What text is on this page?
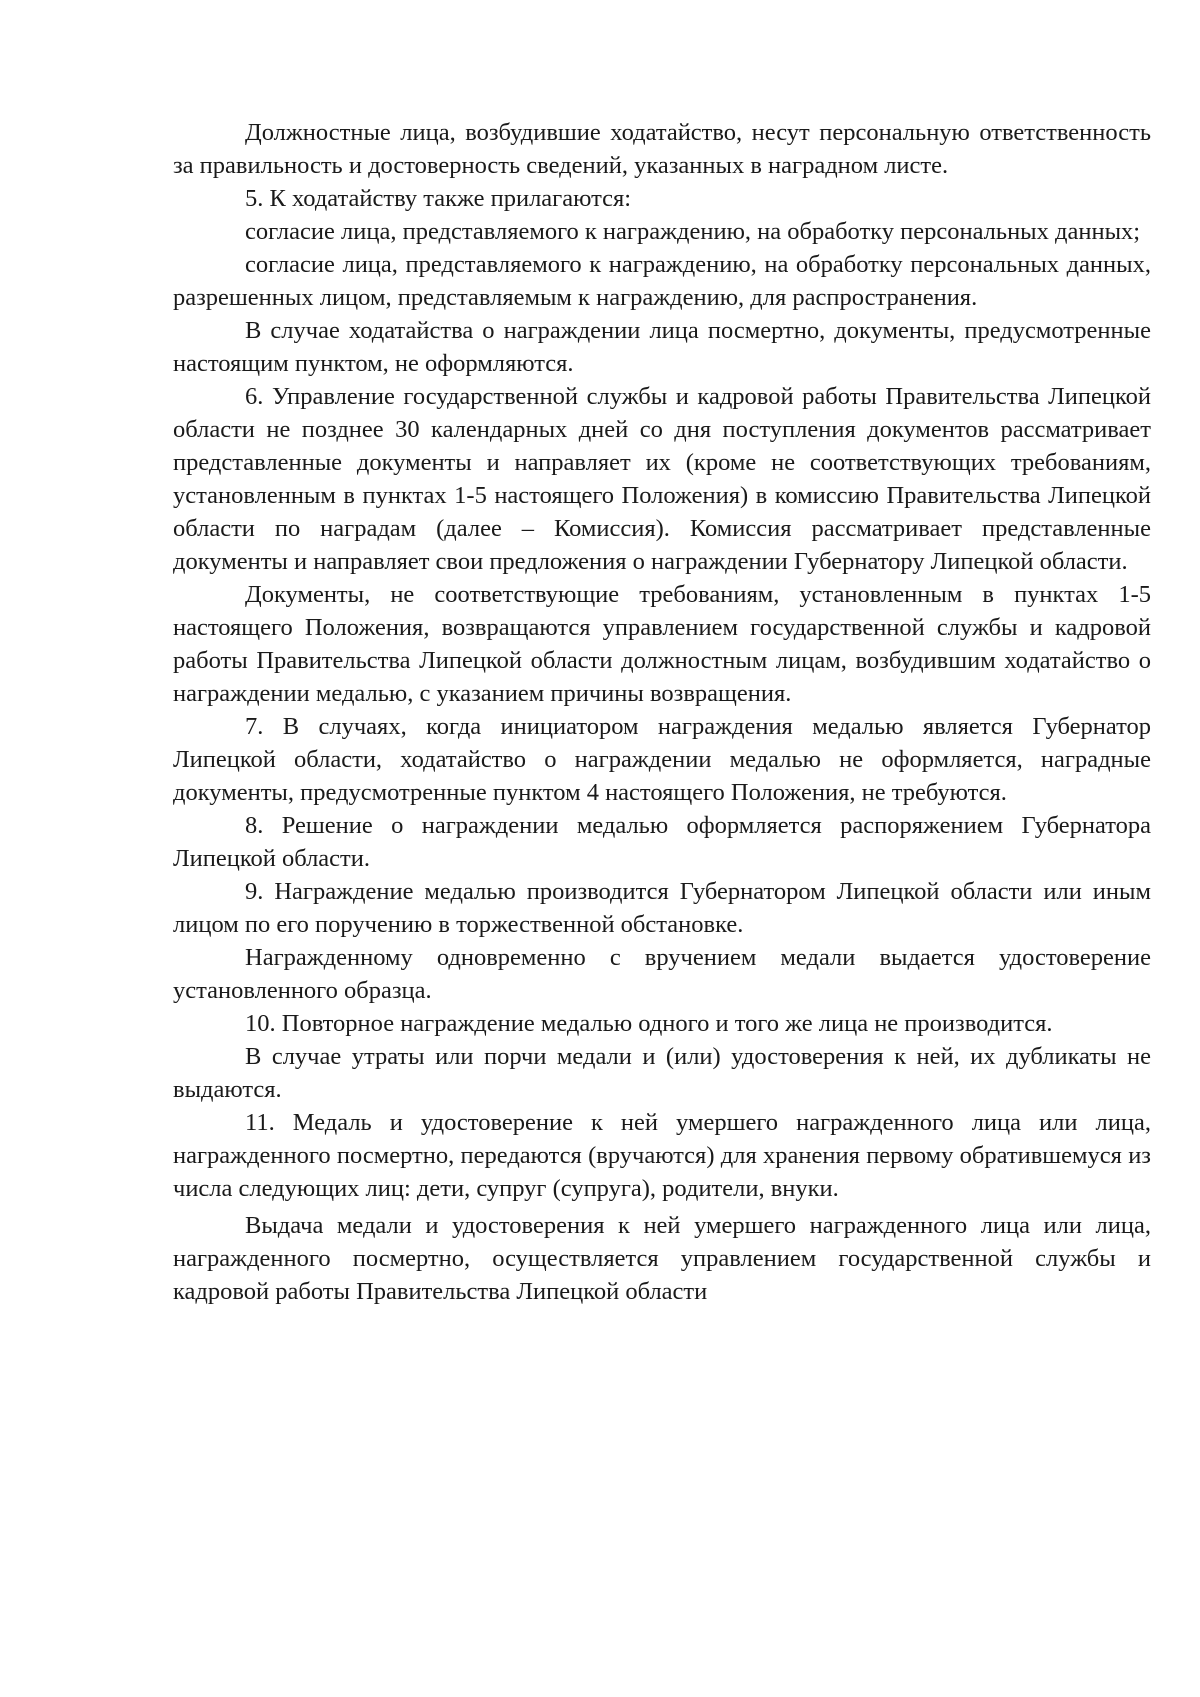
Должностные лица, возбудившие ходатайство, несут персональную ответственность за правильность и достоверность сведений, указанных в наградном листе.

5. К ходатайству также прилагаются:

согласие лица, представляемого к награждению, на обработку персональных данных;

согласие лица, представляемого к награждению, на обработку персональных данных, разрешенных лицом, представляемым к награждению, для распространения.

В случае ходатайства о награждении лица посмертно, документы, предусмотренные настоящим пунктом, не оформляются.

6. Управление государственной службы и кадровой работы Правительства Липецкой области не позднее 30 календарных дней со дня поступления документов рассматривает представленные документы и направляет их (кроме не соответствующих требованиям, установленным в пунктах 1-5 настоящего Положения) в комиссию Правительства Липецкой области по наградам (далее – Комиссия). Комиссия рассматривает представленные документы и направляет свои предложения о награждении Губернатору Липецкой области.

Документы, не соответствующие требованиям, установленным в пунктах 1-5 настоящего Положения, возвращаются управлением государственной службы и кадровой работы Правительства Липецкой области должностным лицам, возбудившим ходатайство о награждении медалью, с указанием причины возвращения.

7. В случаях, когда инициатором награждения медалью является Губернатор Липецкой области, ходатайство о награждении медалью не оформляется, наградные документы, предусмотренные пунктом 4 настоящего Положения, не требуются.

8. Решение о награждении медалью оформляется распоряжением Губернатора Липецкой области.

9. Награждение медалью производится Губернатором Липецкой области или иным лицом по его поручению в торжественной обстановке.

Награжденному одновременно с вручением медали выдается удостоверение установленного образца.

10. Повторное награждение медалью одного и того же лица не производится.

В случае утраты или порчи медали и (или) удостоверения к ней, их дубликаты не выдаются.

11. Медаль и удостоверение к ней умершего награжденного лица или лица, награжденного посмертно, передаются (вручаются) для хранения первому обратившемуся из числа следующих лиц: дети, супруг (супруга), родители, внуки.

Выдача медали и удостоверения к ней умершего награжденного лица или лица, награжденного посмертно, осуществляется управлением государственной службы и кадровой работы Правительства Липецкой области
